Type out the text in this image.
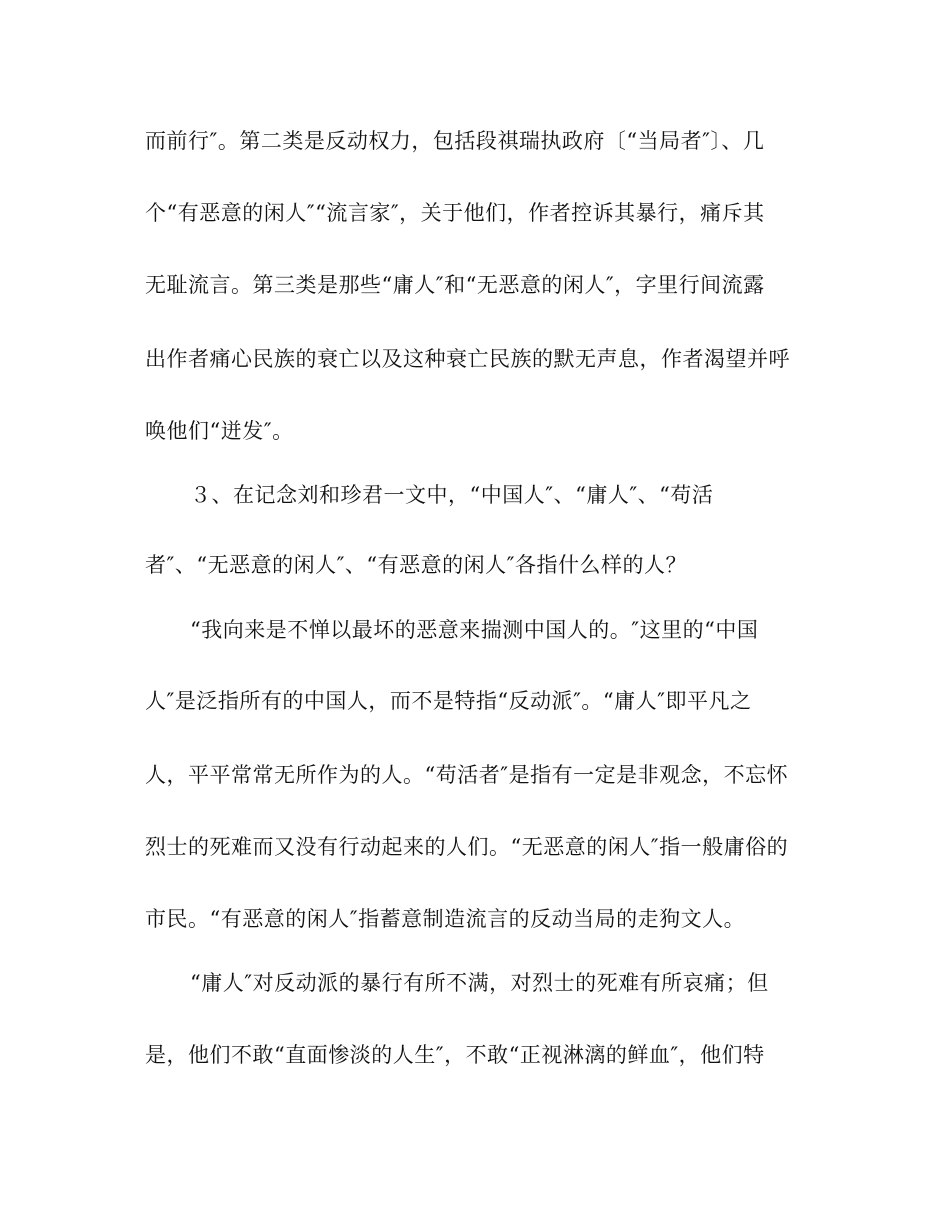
而前行″。第二类是反动权力，包括段祺瑞执政府〔“当局者″〕、几
个“有恶意的闲人″“流言家″，关于他们，作者控诉其暴行，痛斥其
无耻流言。第三类是那些“庸人″和“无恶意的闲人″，字里行间流露
出作者痛心民族的衰亡以及这种衰亡民族的默无声息，作者渴望并呼
唤他们“迸发″。
３、在记念刘和珍君一文中，“中国人″、“庸人″、“苟活
者″、“无恶意的闲人″、“有恶意的闲人″各指什么样的人？
“我向来是不惮以最坏的恶意来揣测中国人的。″这里的“中国
人″是泛指所有的中国人，而不是特指“反动派″。“庸人″即平凡之
人，平平常常无所作为的人。“苟活者″是指有一定是非观念，不忘怀
烈士的死难而又没有行动起来的人们。“无恶意的闲人″指一般庸俗的
市民。“有恶意的闲人″指蓄意制造流言的反动当局的走狗文人。
“庸人″对反动派的暴行有所不满，对烈士的死难有所哀痛；但
是，他们不敢“直面惨淡的人生″，不敢“正视淋漓的鲜血″，他们特
